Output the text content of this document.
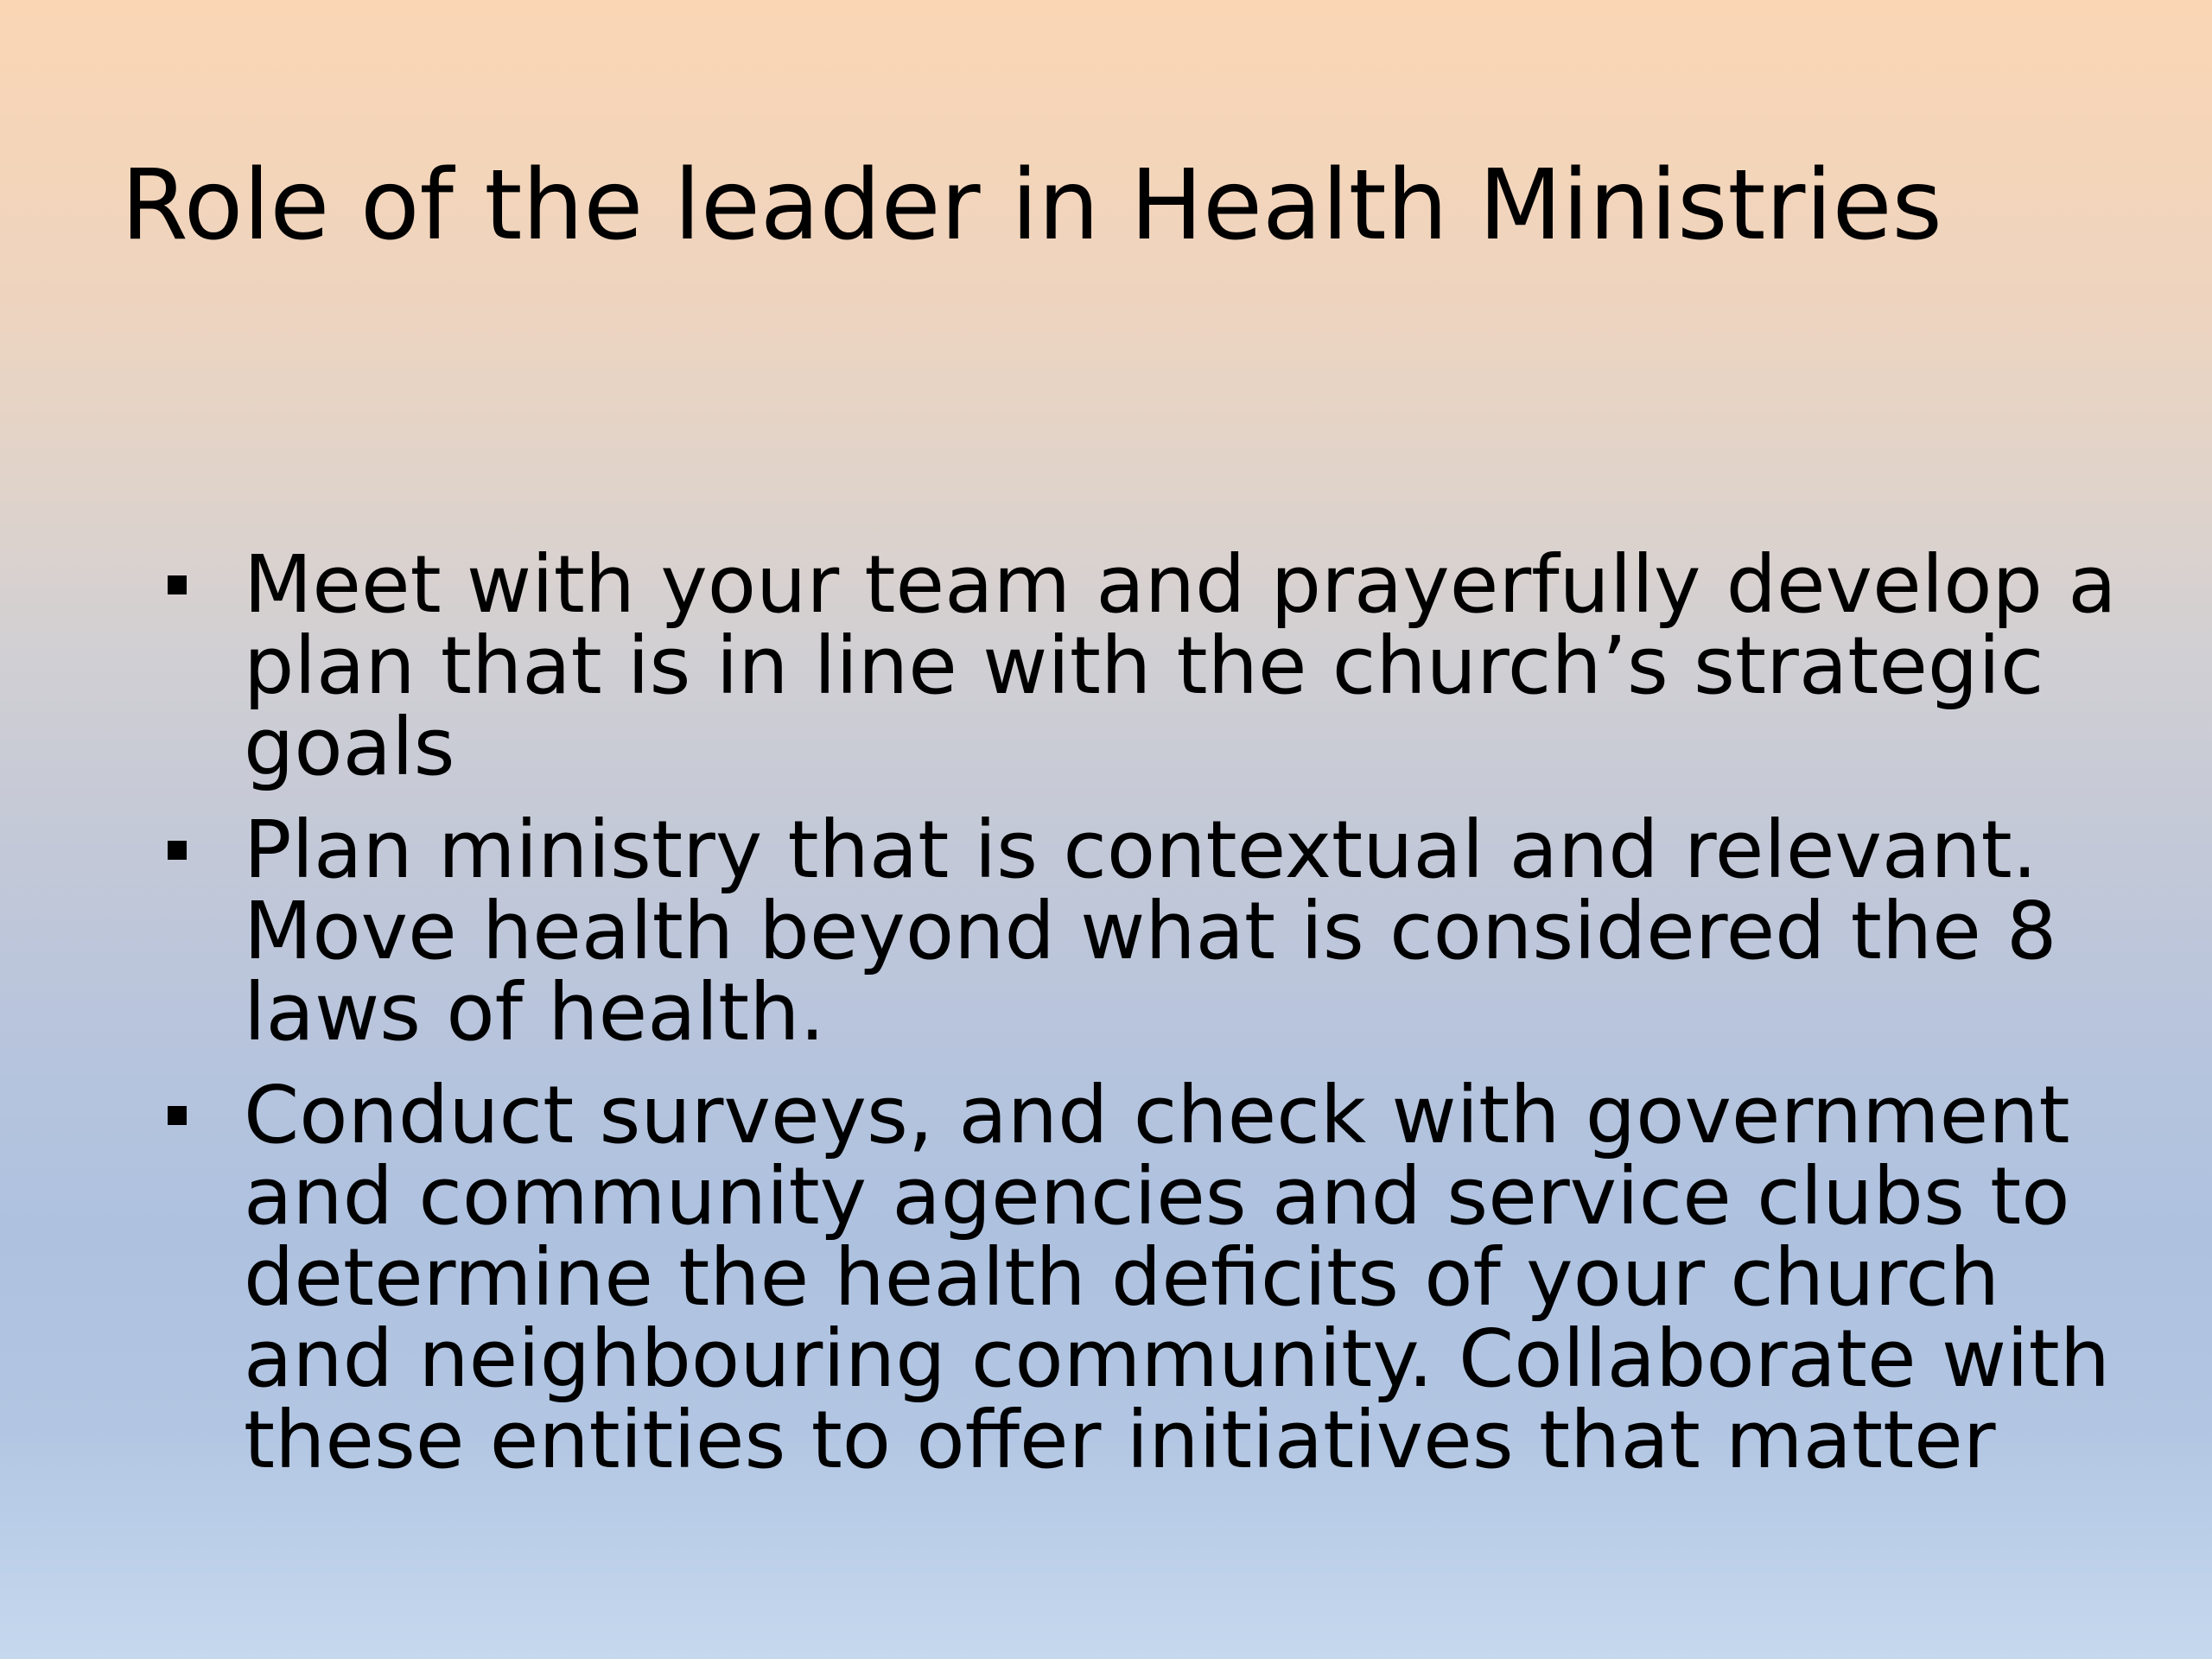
Role of the leader in Health Ministries
Meet with your team and prayerfully develop a
plan that is in line with the church’s strategic
goals
Plan ministry that is contextual and relevant.
Move health beyond what is considered the 8
laws of health.
Conduct surveys, and check with government
and community agencies and service clubs to
determine the health deficits of your church
and neighbouring community. Collaborate with
these entities to offer initiatives that matter
